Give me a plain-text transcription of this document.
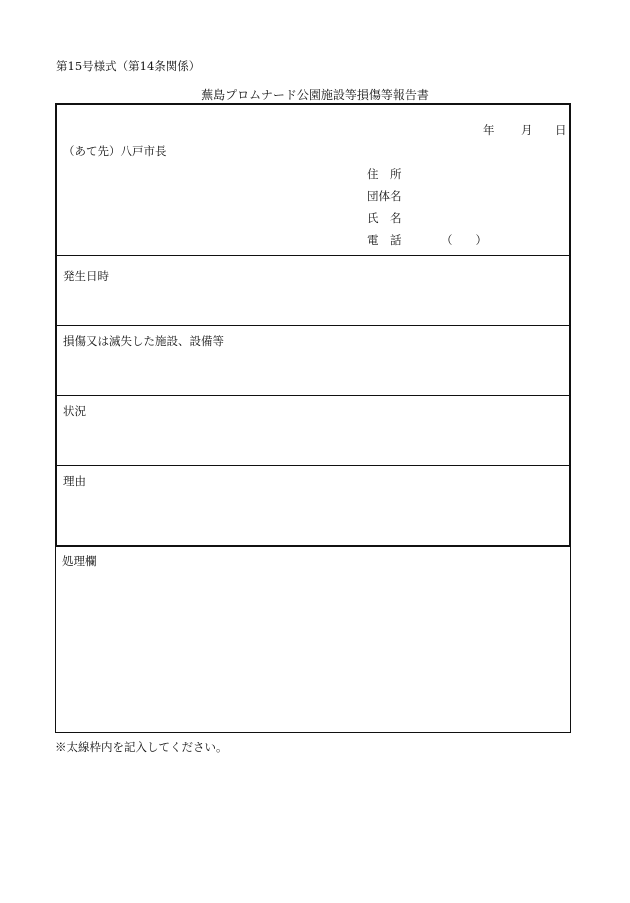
第15号様式（第14条関係）
蕪島プロムナード公園施設等損傷等報告書
年 月 日
（あて先）八戸市長
住　所
団体名
氏　名
電　話	（　　）
発生日時
損傷又は滅失した施設、設備等
状況
理由
処理欄
※太線枠内を記入してください。
